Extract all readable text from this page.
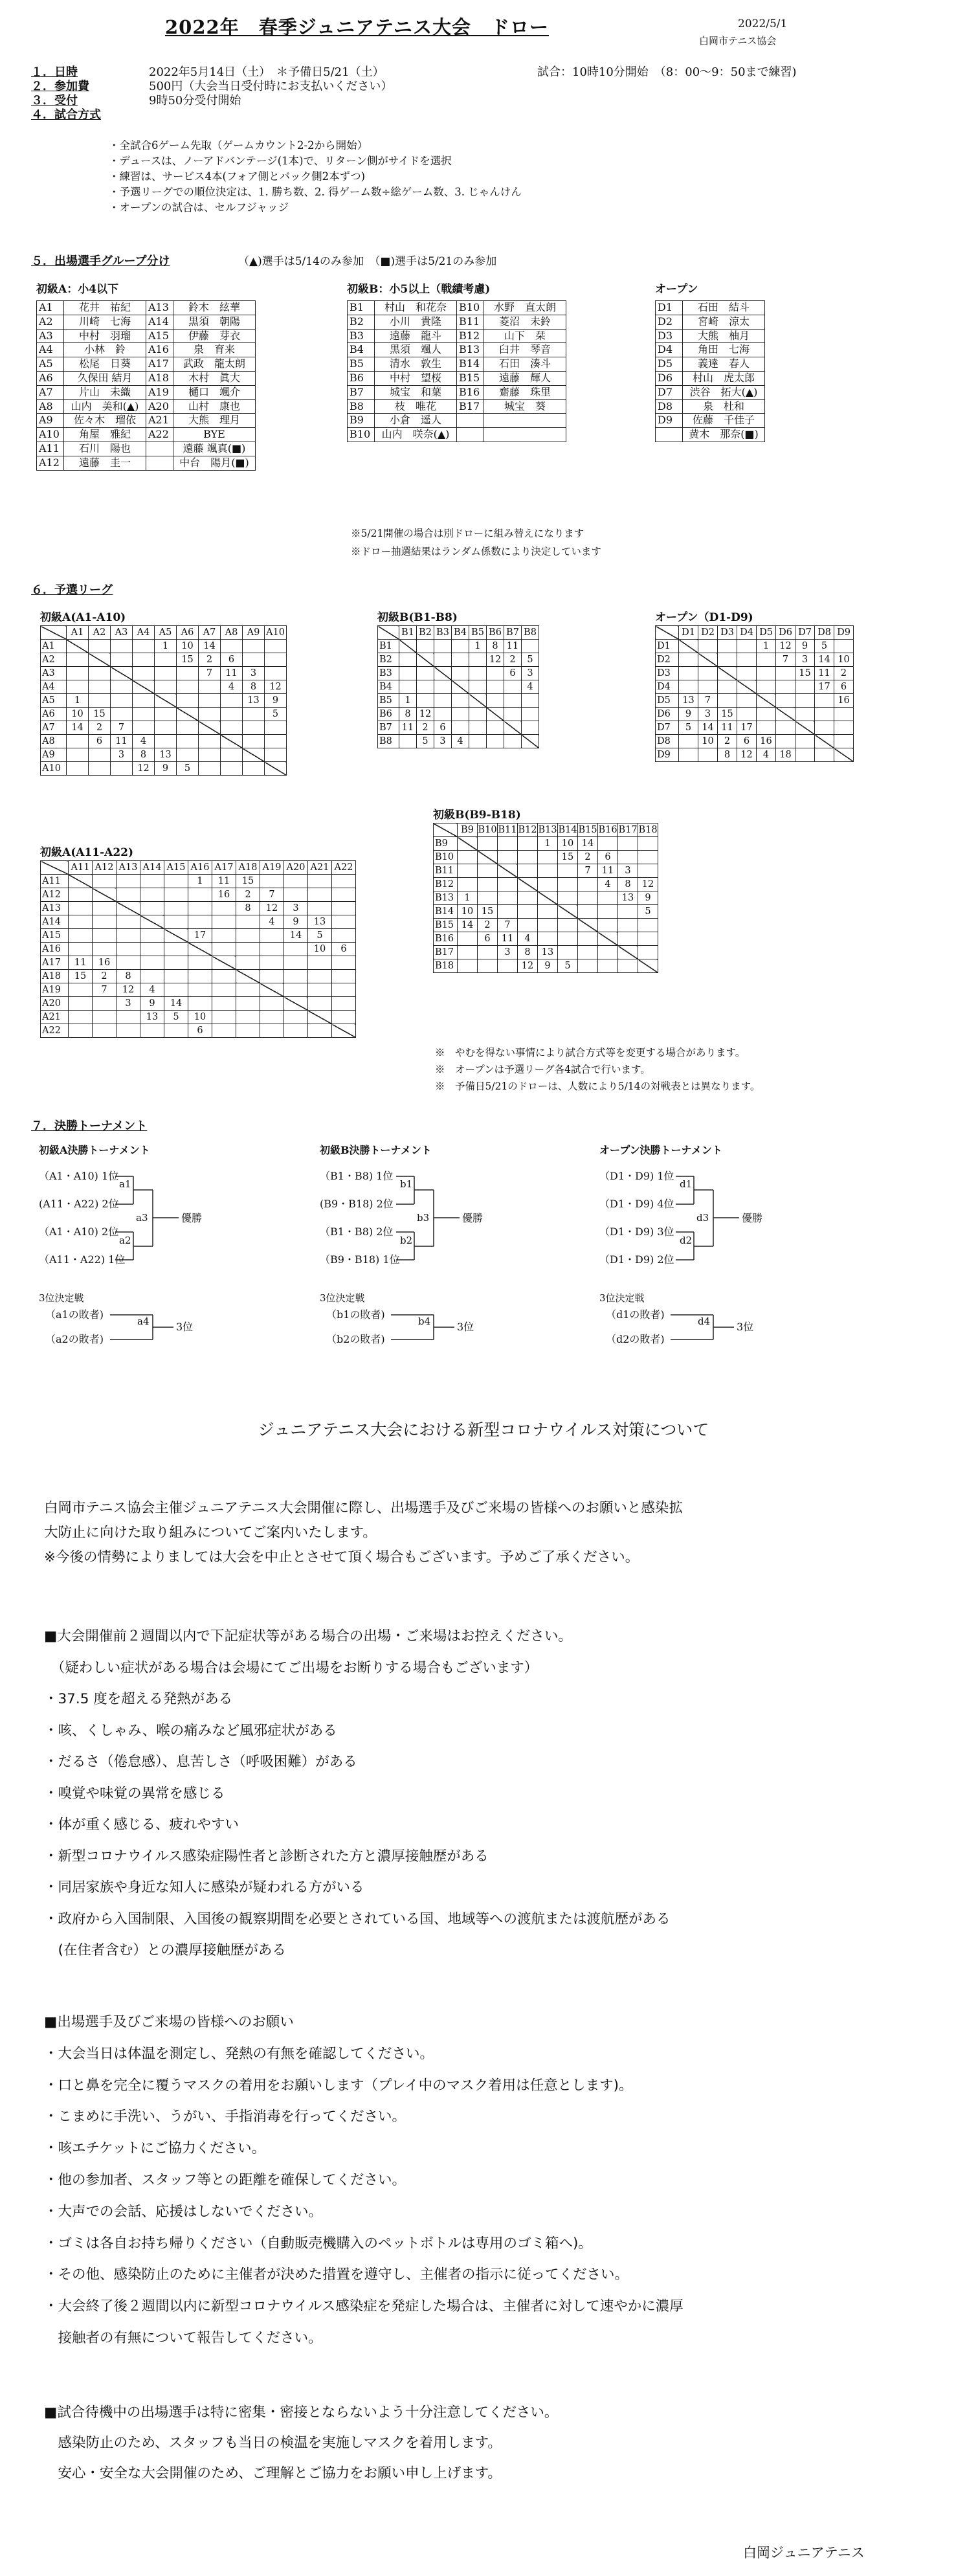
2022年　春季ジュニアテニス大会　ドロー	2022/5/1
白岡市テニス協会
１．日時	2022年5月14日（土）　＊予備日5/21（土）	試合：10時10分開始　（8：00～9：50まで練習)
２．参加費	500円（大会当日受付時にお支払いください）
３．受付	9時50分受付開始
４．試合方式
・全試合6ゲーム先取（ゲームカウント2-2から開始）
・デュースは、ノーアドバンテージ(1本)で、リターン側がサイドを選択
・練習は、サービス4本(フォア側とバック側2本ずつ)
・予選リーグでの順位決定は、1. 勝ち数、2. 得ゲーム数÷総ゲーム数、3. じゃんけん
・オープンの試合は、セルフジャッジ
５．出場選手グループ分け	（▲)選手は5/14のみ参加　（■)選手は5/21のみ参加
初級A：小4以下
A1	花井　祐紀	A13	鈴木　絃華
A2	川崎　七海	A14	黒須　朝陽
A3	中村　羽瑠	A15	伊藤　芽衣
A4	小林　鈴	A16	泉　育来
A5	松尾　日葵	A17	武政　龍太朗
A6	久保田 結月	A18	木村　眞大
A7	片山　未織	A19	樋口　颯介
A8	山内　美和(▲)	A20	山村　康也
A9	佐々木　瑠依	A21	大熊　理月
A10	角屋　雅紀	A22	BYE
A11	石川　陽也		遠藤 颯真(■)
A12	遠藤　圭一		中台　陽月(■)
初級B：小5以上（戦績考慮)
B1	村山　和花奈	B10	水野　直太朗
B2	小川　貴隆	B11	菱沼　未鈴
B3	遠藤　龍斗	B12	山下　栞
B4	黒須　颯人	B13	臼井　琴音
B5	清水　敦生	B14	石田　湊斗
B6	中村　望桜	B15	遠藤　輝人
B7	城宝　和葉	B16	齋藤　珠里
B8	枝　唯花	B17	城宝　葵
B9	小倉　遥人		
B10	山内　咲奈(▲)		
※5/21開催の場合は別ドローに組み替えになります
※ドロー抽選結果はランダム係数により決定しています
オープン
D1	石田　結斗
D2	宮崎　涼太
D3	大熊　柚月
D4	角田　七海
D5	義達　春人
D6	村山　虎太郎
D7	渋谷　拓大(▲)
D8	泉　杜和
D9	佐藤　千佳子
	黄木　那奈(■)
６．予選リーグ
初級A(A1-A10)
	A1	A2	A3	A4	A5	A6	A7	A8	A9	A10
A1					1	10	14			
A2						15	2	6		
A3							7	11	3	
A4								4	8	12
A5	1								13	9
A6	10	15								5
A7	14	2	7							
A8		6	11	4						
A9			3	8	13					
A10				12	9	5				
初級B(B1-B8)
	B1	B2	B3	B4	B5	B6	B7	B8
B1					1	8	11	
B2						12	2	5
B3							6	3
B4								4
B5	1							
B6	8	12						
B7	11	2	6					
B8		5	3	4				
オープン（D1-D9)
	D1	D2	D3	D4	D5	D6	D7	D8	D9
D1					1	12	9	5	
D2						7	3	14	10
D3							15	11	2
D4								17	6
D5	13	7							16
D6	9	3	15						
D7	5	14	11	17					
D8		10	2	6	16				
D9			8	12	4	18			
初級B(B9-B18)
	B9	B10	B11	B12	B13	B14	B15	B16	B17	B18
B9					1	10	14			
B10						15	2	6		
B11							7	11	3	
B12								4	8	12
B13	1								13	9
B14	10	15								5
B15	14	2	7							
B16		6	11	4						
B17			3	8	13					
B18				12	9	5				
初級A(A11-A22)
	A11	A12	A13	A14	A15	A16	A17	A18	A19	A20	A21	A22
A11						1	11	15				
A12							16	2	7			
A13								8	12	3		
A14									4	9	13	
A15						17				14	5	
A16											10	6
A17	11	16										
A18	15	2	8									
A19		7	12	4								
A20			3	9	14							
A21				13	5	10						
A22						6						
※　やむを得ない事情により試合方式等を変更する場合があります。
※　オープンは予選リーグ各4試合で行います。
※　予備日5/21のドローは、人数により5/14の対戦表とは異なります。
７．決勝トーナメント
初級A決勝トーナメント
（A1・A10) 1位
(A11・A22) 2位
（A1・A10) 2位
（A11・A22) 1位
a1
a2
a3	優勝
3位決定戦
（a1の敗者)
（a2の敗者)
a4	3位
初級B決勝トーナメント
（B1・B8) 1位
(B9・B18) 2位
（B1・B8) 2位
（B9・B18) 1位
b1
b2
b3	優勝
3位決定戦
（b1の敗者)
（b2の敗者)
b4	3位
オープン決勝トーナメント
（D1・D9) 1位
（D1・D9) 4位
（D1・D9) 3位
（D1・D9) 2位
d1
d2
d3	優勝
3位決定戦
（d1の敗者)
（d2の敗者)
d4	3位
ジュニアテニス大会における新型コロナウイルス対策について
白岡市テニス協会主催ジュニアテニス大会開催に際し、出場選手及びご来場の皆様へのお願いと感染拡
大防止に向けた取り組みについてご案内いたします。
※今後の情勢によりましては大会を中止とさせて頂く場合もございます。予めご了承ください。
■大会開催前２週間以内で下記症状等がある場合の出場・ご来場はお控えください。
　（疑わしい症状がある場合は会場にてご出場をお断りする場合もございます）
・37.5 度を超える発熱がある
・咳、くしゃみ、喉の痛みなど風邪症状がある
・だるさ（倦怠感）、息苦しさ（呼吸困難）がある
・嗅覚や味覚の異常を感じる
・体が重く感じる、疲れやすい
・新型コロナウイルス感染症陽性者と診断された方と濃厚接触歴がある
・同居家族や身近な知人に感染が疑われる方がいる
・政府から入国制限、入国後の観察期間を必要とされている国、地域等への渡航または渡航歴がある
　(在住者含む）との濃厚接触歴がある
■出場選手及びご来場の皆様へのお願い
・大会当日は体温を測定し、発熱の有無を確認してください。
・口と鼻を完全に覆うマスクの着用をお願いします（プレイ中のマスク着用は任意とします)。
・こまめに手洗い、うがい、手指消毒を行ってください。
・咳エチケットにご協力ください。
・他の参加者、スタッフ等との距離を確保してください。
・大声での会話、応援はしないでください。
・ゴミは各自お持ち帰りください（自動販売機購入のペットボトルは専用のゴミ箱へ)。
・その他、感染防止のために主催者が決めた措置を遵守し、主催者の指示に従ってください。
・大会終了後２週間以内に新型コロナウイルス感染症を発症した場合は、主催者に対して速やかに濃厚
　接触者の有無について報告してください。
■試合待機中の出場選手は特に密集・密接とならないよう十分注意してください。
　感染防止のため、スタッフも当日の検温を実施しマスクを着用します。
　安心・安全な大会開催のため、ご理解とご協力をお願い申し上げます。
白岡ジュニアテニス
